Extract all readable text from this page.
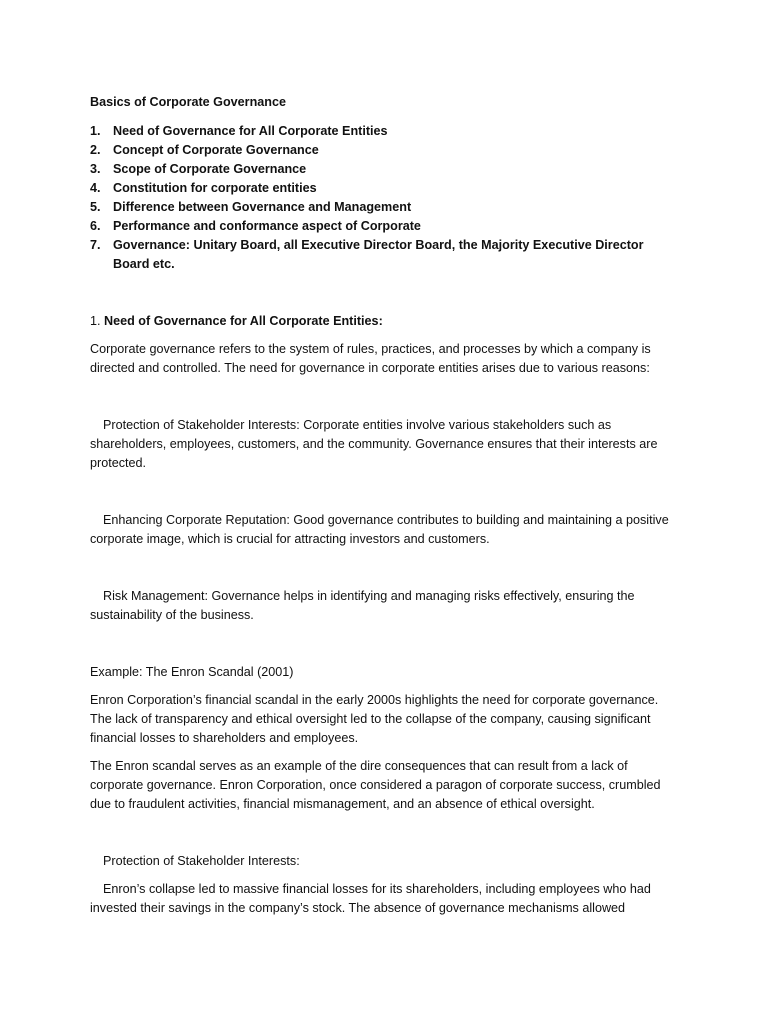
Basics of Corporate Governance

1. Need of Governance for All Corporate Entities
2. Concept of Corporate Governance
3. Scope of Corporate Governance
4. Constitution for corporate entities
5. Difference between Governance and Management
6. Performance and conformance aspect of Corporate
7. Governance: Unitary Board, all Executive Director Board, the Majority Executive Director Board etc.

1. Need of Governance for All Corporate Entities:

Corporate governance refers to the system of rules, practices, and processes by which a company is directed and controlled. The need for governance in corporate entities arises due to various reasons:

Protection of Stakeholder Interests: Corporate entities involve various stakeholders such as shareholders, employees, customers, and the community. Governance ensures that their interests are protected.

Enhancing Corporate Reputation: Good governance contributes to building and maintaining a positive corporate image, which is crucial for attracting investors and customers.

Risk Management: Governance helps in identifying and managing risks effectively, ensuring the sustainability of the business.

Example: The Enron Scandal (2001)

Enron Corporation’s financial scandal in the early 2000s highlights the need for corporate governance. The lack of transparency and ethical oversight led to the collapse of the company, causing significant financial losses to shareholders and employees.

The Enron scandal serves as an example of the dire consequences that can result from a lack of corporate governance. Enron Corporation, once considered a paragon of corporate success, crumbled due to fraudulent activities, financial mismanagement, and an absence of ethical oversight.

Protection of Stakeholder Interests:

Enron’s collapse led to massive financial losses for its shareholders, including employees who had invested their savings in the company’s stock. The absence of governance mechanisms allowed
